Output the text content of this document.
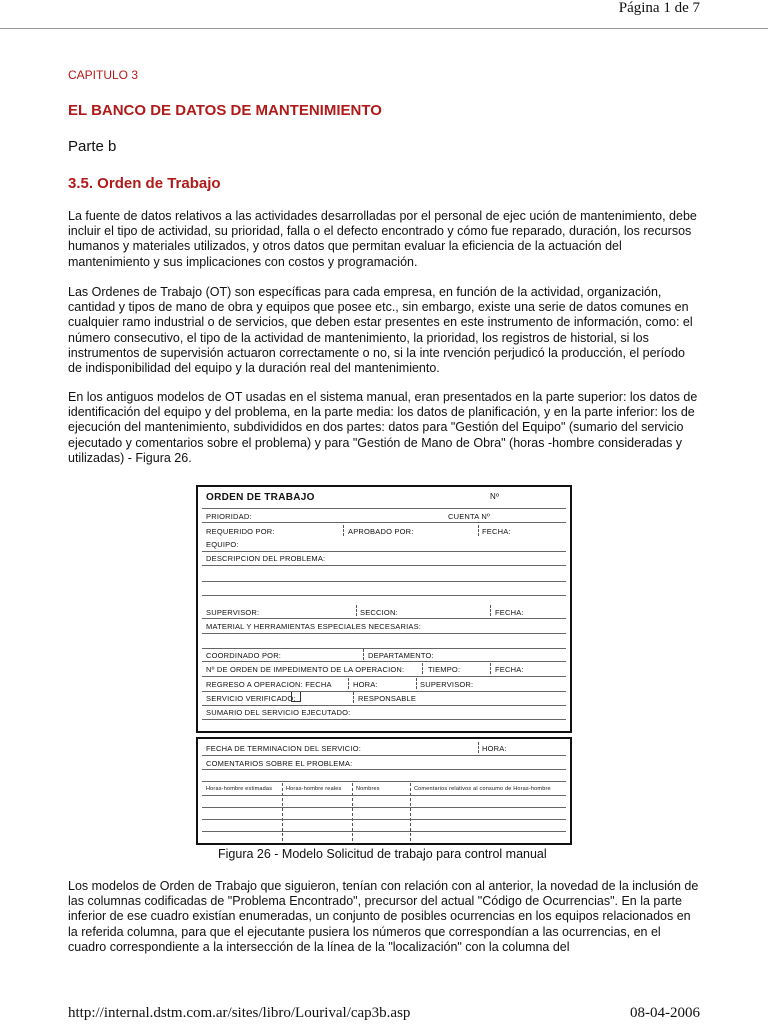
Página 1 de 7
CAPITULO 3
EL BANCO DE DATOS DE MANTENIMIENTO
Parte b
3.5. Orden de Trabajo
La fuente de datos relativos a las actividades desarrolladas por el personal de ejec ución de mantenimiento, debe incluir el tipo de actividad, su prioridad, falla o el defecto encontrado y cómo fue reparado, duración, los recursos humanos y materiales utilizados, y otros datos que permitan evaluar la eficiencia de la actuación del mantenimiento y sus implicaciones con costos y programación.
Las Ordenes de Trabajo (OT) son específicas para cada empresa, en función de la actividad, organización, cantidad y tipos de mano de obra y equipos que posee etc., sin embargo, existe una serie de datos comunes en cualquier ramo industrial o de servicios, que deben estar presentes en este instrumento de información, como: el número consecutivo, el tipo de la actividad de mantenimiento, la prioridad, los registros de historial, si los instrumentos de supervisión actuaron correctamente o no, si la inte rvención perjudicó la producción, el período de indisponibilidad del equipo y la duración real del mantenimiento.
En los antiguos modelos de OT usadas en el sistema manual, eran presentados en la parte superior: los datos de identificación del equipo y del problema, en la parte media: los datos de planificación, y en la parte inferior: los de ejecución del mantenimiento, subdivididos en dos partes: datos para "Gestión del Equipo" (sumario del servicio ejecutado y comentarios sobre el problema) y para "Gestión de Mano de Obra" (horas -hombre consideradas y utilizadas) - Figura 26.
ORDEN DE TRABAJO	Nº
PRIORIDAD:	CUENTA Nº
REQUERIDO POR:	APROBADO POR:	FECHA:
EQUIPO:
DESCRIPCION DEL PROBLEMA:
SUPERVISOR:	SECCION:	FECHA:
MATERIAL Y HERRAMIENTAS ESPECIALES NECESARIAS:
COORDINADO POR:	DEPARTAMENTO:
Nº DE ORDEN DE IMPEDIMENTO DE LA OPERACION:	TIEMPO:	FECHA:
REGRESO A OPERACION: FECHA	HORA:	SUPERVISOR:
SERVICIO VERIFICADO:	RESPONSABLE
SUMARIO DEL SERVICIO EJECUTADO:
FECHA DE TERMINACION DEL SERVICIO:	HORA:
COMENTARIOS SOBRE EL PROBLEMA:
Horas-hombre estimadas	Horas-hombre reales	Nombres	Comentarios relativos al consumo de Horas-hombre
Figura 26 - Modelo Solicitud de trabajo para control manual
Los modelos de Orden de Trabajo que siguieron, tenían con relación con al anterior, la novedad de la inclusión de las columnas codificadas de "Problema Encontrado", precursor del actual "Código de Ocurrencias". En la parte inferior de ese cuadro existían enumeradas, un conjunto de posibles ocurrencias en los equipos relacionados en la referida columna, para que el ejecutante pusiera los números que correspondían a las ocurrencias, en el cuadro correspondiente a la intersección de la línea de la "localización" con la columna del
http://internal.dstm.com.ar/sites/libro/Lourival/cap3b.asp	08-04-2006
